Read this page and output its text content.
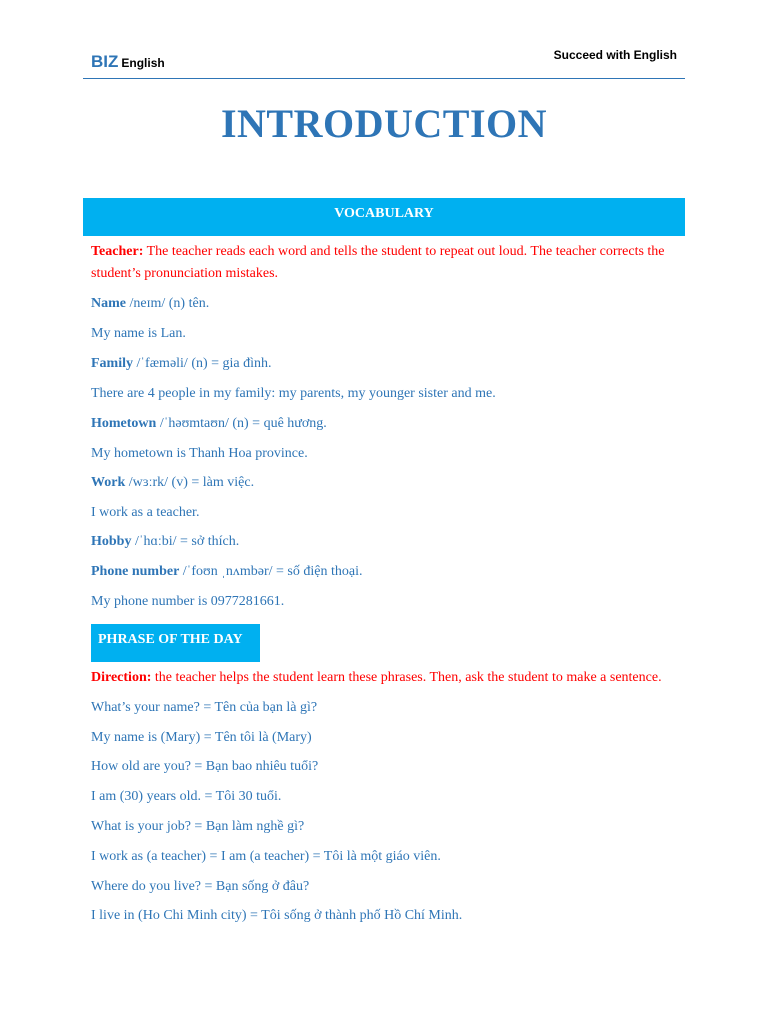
BIZ English
Succeed with English
INTRODUCTION
VOCABULARY
Teacher: The teacher reads each word and tells the student to repeat out loud. The teacher corrects the student’s pronunciation mistakes.
Name /neɪm/ (n) tên.
My name is Lan.
Family /ˈfæməli/ (n) = gia đình.
There are 4 people in my family: my parents, my younger sister and me.
Hometown /ˈhəʊmtaʊn/ (n) = quê hương.
My hometown is Thanh Hoa province.
Work /wɜːrk/ (v) = làm việc.
I work as a teacher.
Hobby /ˈhɑːbi/ = sở thích.
Phone number /ˈfoʊn ˌnʌmbər/ = số điện thoại.
My phone number is 0977281661.
PHRASE OF THE DAY
Direction: the teacher helps the student learn these phrases. Then, ask the student to make a sentence.
What’s your name? = Tên của bạn là gì?
My name is (Mary) = Tên tôi là (Mary)
How old are you? = Bạn bao nhiêu tuổi?
I am (30) years old. = Tôi 30 tuổi.
What is your job? = Bạn làm nghề gì?
I work as (a teacher) = I am (a teacher) = Tôi là một giáo viên.
Where do you live? = Bạn sống ở đâu?
I live in (Ho Chi Minh city) = Tôi sống ở thành phố Hồ Chí Minh.
